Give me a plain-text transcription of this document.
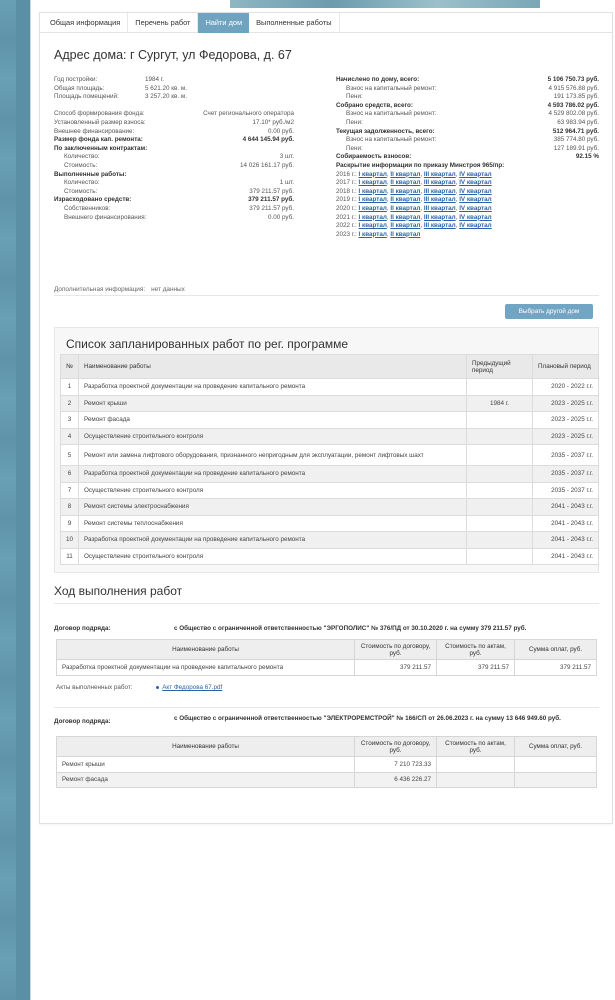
Общая информация	Перечень работ	Найти дом	Выполненные работы
Адрес дома: г Сургут, ул Федорова, д. 67
Год постройки:	1984 г.
Общая площадь:	5 621.20 кв. м.
Площадь помещений:	3 257.20 кв. м.
Способ формирования фонда:	Счет регионального оператора
Установленный размер взноса:	17.10* руб./м2
Внешнее финансирование:	0.00 руб.
Размер фонда кап. ремонта:	4 644 145.94 руб.
По заключенным контрактам:
Количество:	3 шт.
Стоимость:	14 026 161.17 руб.
Выполненные работы:
Количество:	1 шт.
Стоимость:	379 211.57 руб.
Израсходовано средств:	379 211.57 руб.
Собственников:	379 211.57 руб.
Внешнего финансирования:	0.00 руб.
Начислено по дому, всего:	5 106 750.73 руб.
Взнос на капитальный ремонт:	4 915 576.88 руб.
Пени:	191 173.85 руб.
Собрано средств, всего:	4 593 786.02 руб.
Взнос на капитальный ремонт:	4 529 802.08 руб.
Пени:	63 983.94 руб.
Текущая задолженность, всего:	512 964.71 руб.
Взнос на капитальный ремонт:	385 774.80 руб.
Пени:	127 189.91 руб.
Собираемость взносов:	92.15 %
Раскрытие информации по приказу Минстроя 965/пр:
2016 г.: I квартал, II квартал, III квартал, IV квартал
2017 г.: I квартал, II квартал, III квартал, IV квартал
2018 г.: I квартал, II квартал, III квартал, IV квартал
2019 г.: I квартал, II квартал, III квартал, IV квартал
2020 г.: I квартал, II квартал, III квартал, IV квартал
2021 г.: I квартал, II квартал, III квартал, IV квартал
2022 г.: I квартал, II квартал, III квартал, IV квартал
2023 г.: I квартал, II квартал
Дополнительная информация: нет данных
Выбрать другой дом
Список запланированных работ по рег. программе
№	Наименование работы	Предыдущий период	Плановый период
1	Разработка проектной документации на проведение капитального ремонта		2020 - 2022 г.г.
2	Ремонт крыши	1984 г.	2023 - 2025 г.г.
3	Ремонт фасада		2023 - 2025 г.г.
4	Осуществление строительного контроля		2023 - 2025 г.г.
5	Ремонт или замена лифтового оборудования, признанного непригодным для эксплуатации, ремонт лифтовых шахт		2035 - 2037 г.г.
6	Разработка проектной документации на проведение капитального ремонта		2035 - 2037 г.г.
7	Осуществление строительного контроля		2035 - 2037 г.г.
8	Ремонт системы электроснабжения		2041 - 2043 г.г.
9	Ремонт системы теплоснабжения		2041 - 2043 г.г.
10	Разработка проектной документации на проведение капитального ремонта		2041 - 2043 г.г.
11	Осуществление строительного контроля		2041 - 2043 г.г.
Ход выполнения работ
Договор подряда:	с Общество с ограниченной ответственностью "ЭРГОПОЛИС" № 376/ПД от 30.10.2020 г. на сумму 379 211.57 руб.
Наименование работы	Стоимость по договору, руб.	Стоимость по актам, руб.	Сумма оплат, руб.
Разработка проектной документации на проведение капитального ремонта	379 211.57	379 211.57	379 211.57
Акты выполненных работ:	Акт Федорова 67.pdf
Договор подряда:	с Общество с ограниченной ответственностью "ЭЛЕКТРОРЕМСТРОЙ" № 166/СП от 26.06.2023 г. на сумму 13 646 949.60 руб.
Наименование работы	Стоимость по договору, руб.	Стоимость по актам, руб.	Сумма оплат, руб.
Ремонт крыши	7 210 723.33		
Ремонт фасада	6 436 226.27		
